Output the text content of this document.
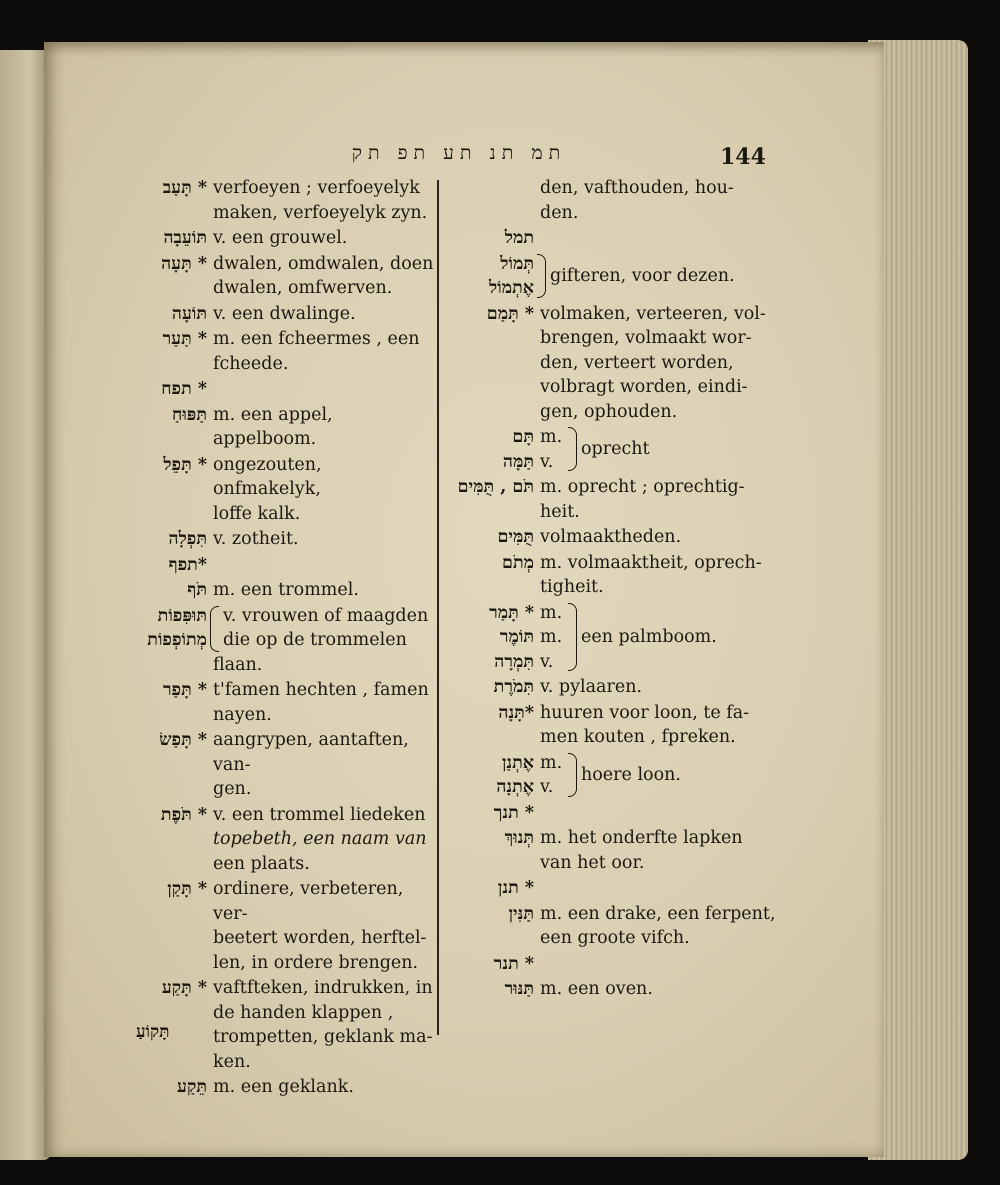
תמ תנ תע תפ תק	144
* תָּעַב verfoeyen ; verfoeyelyk
maken, verfoeyelyk zyn.
תּוֹעֵבָה v. een grouwel.
* תָּעָה dwalen, omdwalen, doen
dwalen, omfwerven.
תּוֹעָה v. een dwalinge.
* תַּעַר m. een fcheermes , een
fcheede.
* תפח

תַּפּוּחַ m. een appel, appelboom.
* תָּפֵל ongezouten, onfmakelyk,
loffe kalk.
תִּפְלָה v. zotheit.
*תפף

תֹּף m. een trommel.
תּוּפִּפוֹת
מְתוֹפְפוֹת
v. vrouwen of maagden
die op de trommelen
flaan.
* תָּפַר t'famen hechten , famen
nayen.
* תָּפַשׂ aangrypen, aantaften, van-
gen.
* תֹּפֶת v. een trommel liedeken
topebeth, een naam van
een plaats.
* תָּקַן ordinere, verbeteren, ver-
beetert worden, herftel-
len, in ordere brengen.
* תָּקַע vaftfteken, indrukken, in
de handen klappen ,
trompetten, geklank ma-
ken.
תֵּקַע m. een geklank.
תָּקוֹעַ
den, vafthouden, hou-
den.
תמל

תְּמוֹל
אֶתְמוֹל
gifteren, voor dezen.
* תָּמַם volmaken, verteeren, vol-
brengen, volmaakt wor-
den, verteert worden,
volbragt worden, eindi-
gen, ophouden.
תָּם
תַּמָּה
m.
v.
oprecht
תֹּם , תֻּמִּים m. oprecht ; oprechtig-
heit.
תֻּמִּים volmaaktheden.
מְתֹם m. volmaaktheit, oprech-
tigheit.
* תָּמַר
תּוֹמֶר
תִּמְרָה
m.
m.
v.
een palmboom.
תִּמֹרֶת v. pylaaren.
*תָּנָה huuren voor loon, te fa-
men kouten , fpreken.
אֶתְנַן
אֶתְנָה
m.
v.
hoere loon.
* תנך

תְּנוּךְ m. het onderfte lapken
van het oor.
* תנן

תַּנִּין m. een drake, een ferpent,
een groote vifch.
* תנר

תַּנּוּר m. een oven.
